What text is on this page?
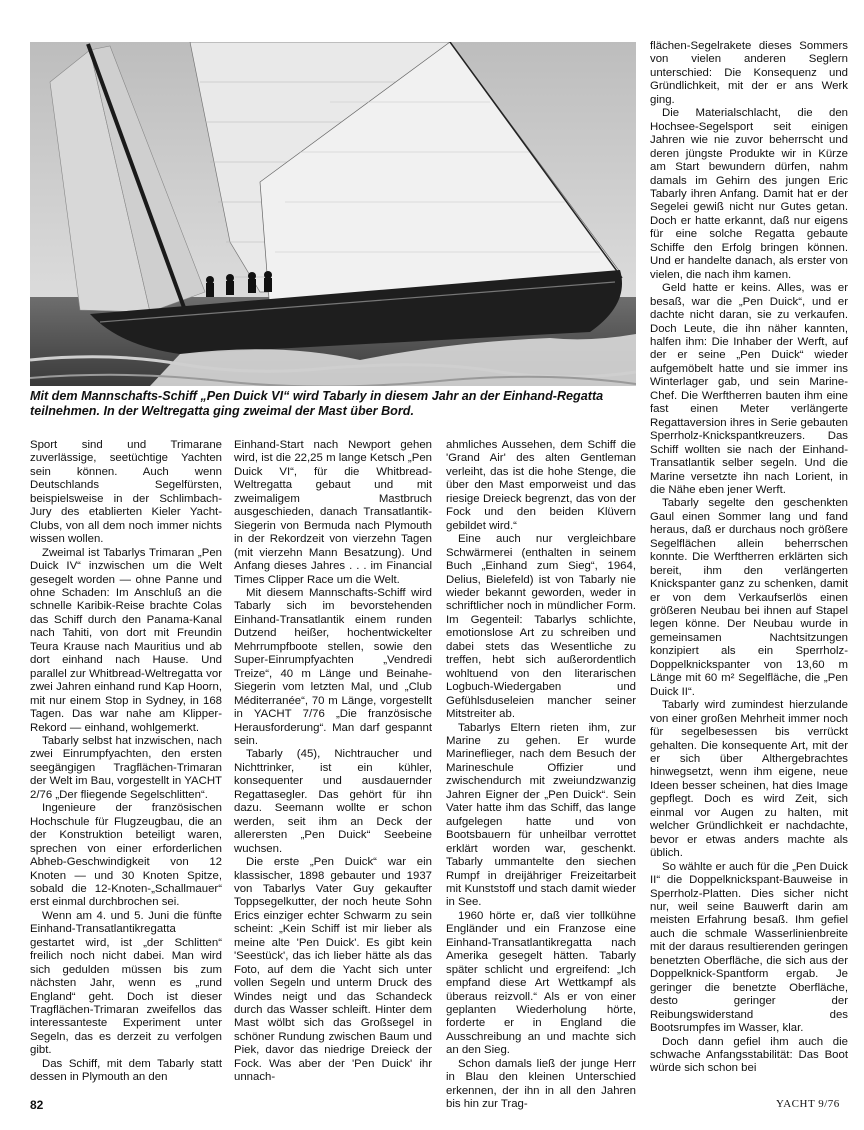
Mit dem Mannschafts-Schiff „Pen Duick VI“ wird Tabarly in diesem Jahr an der Einhand-Regatta teilnehmen. In der Weltregatta ging zweimal der Mast über Bord.

Sport sind und Trimarane zuverlässige, seetüchtige Yachten sein können. Auch wenn Deutschlands Segelfürsten, beispielsweise in der Schlimbach-Jury des etablierten Kieler Yacht-Clubs, von all dem noch immer nichts wissen wollen.

Zweimal ist Tabarlys Trimaran „Pen Duick IV“ inzwischen um die Welt gesegelt worden — ohne Panne und ohne Schaden: Im Anschluß an die schnelle Karibik-Reise brachte Colas das Schiff durch den Panama-Kanal nach Tahiti, von dort mit Freundin Teura Krause nach Mauritius und ab dort einhand nach Hause. Und parallel zur Whitbread-Weltregatta vor zwei Jahren einhand rund Kap Hoorn, mit nur einem Stop in Sydney, in 168 Tagen. Das war nahe am Klipper-Rekord — einhand, wohlgemerkt.

Tabarly selbst hat inzwischen, nach zwei Einrumpfyachten, den ersten seegängigen Tragflächen-Trimaran der Welt im Bau, vorgestellt in YACHT 2/76 „Der fliegende Segelschlitten“.

Ingenieure der französischen Hochschule für Flugzeugbau, die an der Konstruktion beteiligt waren, sprechen von einer erforderlichen Abheb-Geschwindigkeit von 12 Knoten — und 30 Knoten Spitze, sobald die 12-Knoten-„Schallmauer“ erst einmal durchbrochen sei.

Wenn am 4. und 5. Juni die fünfte Einhand-Transatlantikregatta gestartet wird, ist „der Schlitten“ freilich noch nicht dabei. Man wird sich gedulden müssen bis zum nächsten Jahr, wenn es „rund England“ geht. Doch ist dieser Tragflächen-Trimaran zweifellos das interessanteste Experiment unter Segeln, das es derzeit zu verfolgen gibt.

Das Schiff, mit dem Tabarly statt dessen in Plymouth an den

Einhand-Start nach Newport gehen wird, ist die 22,25 m lange Ketsch „Pen Duick VI“, für die Whitbread-Weltregatta gebaut und mit zweimaligem Mastbruch ausgeschieden, danach Transatlantik-Siegerin von Bermuda nach Plymouth in der Rekordzeit von vierzehn Tagen (mit vierzehn Mann Besatzung). Und Anfang dieses Jahres . . . im Financial Times Clipper Race um die Welt.

Mit diesem Mannschafts-Schiff wird Tabarly sich im bevorstehenden Einhand-Transatlantik einem runden Dutzend heißer, hochentwickelter Mehrrumpfboote stellen, sowie den Super-Einrumpfyachten „Vendredi Treize“, 40 m Länge und Beinahe-Siegerin vom letzten Mal, und „Club Méditerranée“, 70 m Länge, vorgestellt in YACHT 7/76 „Die französische Herausforderung“. Man darf gespannt sein.

Tabarly (45), Nichtraucher und Nichttrinker, ist ein kühler, konsequenter und ausdauernder Regattasegler. Das gehört für ihn dazu. Seemann wollte er schon werden, seit ihm an Deck der allerersten „Pen Duick“ Seebeine wuchsen.

Die erste „Pen Duick“ war ein klassischer, 1898 gebauter und 1937 von Tabarlys Vater Guy gekaufter Toppsegelkutter, der noch heute Sohn Erics einziger echter Schwarm zu sein scheint: „Kein Schiff ist mir lieber als meine alte 'Pen Duick'. Es gibt kein 'Seestück', das ich lieber hätte als das Foto, auf dem die Yacht sich unter vollen Segeln und unterm Druck des Windes neigt und das Schandeck durch das Wasser schleift. Hinter dem Mast wölbt sich das Großsegel in schöner Rundung zwischen Baum und Piek, davor das niedrige Dreieck der Fock. Was aber der 'Pen Duick' ihr unnach-

ahmliches Aussehen, dem Schiff die 'Grand Air' des alten Gentleman verleiht, das ist die hohe Stenge, die über den Mast emporweist und das riesige Dreieck begrenzt, das von der Fock und den beiden Klüvern gebildet wird.“

Eine auch nur vergleichbare Schwärmerei (enthalten in seinem Buch „Einhand zum Sieg“, 1964, Delius, Bielefeld) ist von Tabarly nie wieder bekannt geworden, weder in schriftlicher noch in mündlicher Form. Im Gegenteil: Tabarlys schlichte, emotionslose Art zu schreiben und dabei stets das Wesentliche zu treffen, hebt sich außerordentlich wohltuend von den literarischen Logbuch-Wiedergaben und Gefühlsduseleien mancher seiner Mitstreiter ab.

Tabarlys Eltern rieten ihm, zur Marine zu gehen. Er wurde Marineflieger, nach dem Besuch der Marineschule Offizier und zwischendurch mit zweiundzwanzig Jahren Eigner der „Pen Duick“. Sein Vater hatte ihm das Schiff, das lange aufgelegen hatte und von Bootsbauern für unheilbar verrottet erklärt worden war, geschenkt. Tabarly ummantelte den siechen Rumpf in dreijähriger Freizeitarbeit mit Kunststoff und stach damit wieder in See.

1960 hörte er, daß vier tollkühne Engländer und ein Franzose eine Einhand-Transatlantikregatta nach Amerika gesegelt hätten. Tabarly später schlicht und ergreifend: „Ich empfand diese Art Wettkampf als überaus reizvoll.“ Als er von einer geplanten Wiederholung hörte, forderte er in England die Ausschreibung an und machte sich an den Sieg.

Schon damals ließ der junge Herr in Blau den kleinen Unterschied erkennen, der ihn in all den Jahren bis hin zur Trag-

flächen-Segelrakete dieses Sommers von vielen anderen Seglern unterschied: Die Konsequenz und Gründlichkeit, mit der er ans Werk ging.

Die Materialschlacht, die den Hochsee-Segelsport seit einigen Jahren wie nie zuvor beherrscht und deren jüngste Produkte wir in Kürze am Start bewundern dürfen, nahm damals im Gehirn des jungen Eric Tabarly ihren Anfang. Damit hat er der Segelei gewiß nicht nur Gutes getan. Doch er hatte erkannt, daß nur eigens für eine solche Regatta gebaute Schiffe den Erfolg bringen können. Und er handelte danach, als erster von vielen, die nach ihm kamen.

Geld hatte er keins. Alles, was er besaß, war die „Pen Duick“, und er dachte nicht daran, sie zu verkaufen. Doch Leute, die ihn näher kannten, halfen ihm: Die Inhaber der Werft, auf der er seine „Pen Duick“ wieder aufgemöbelt hatte und sie immer ins Winterlager gab, und sein Marine-Chef. Die Werftherren bauten ihm eine fast einen Meter verlängerte Regattaversion ihres in Serie gebauten Sperrholz-Knickspantkreuzers. Das Schiff wollten sie nach der Einhand-Transatlantik selber segeln. Und die Marine versetzte ihn nach Lorient, in die Nähe eben jener Werft.

Tabarly segelte den geschenkten Gaul einen Sommer lang und fand heraus, daß er durchaus noch größere Segelflächen allein beherrschen konnte. Die Werftherren erklärten sich bereit, ihm den verlängerten Knickspanter ganz zu schenken, damit er von dem Verkaufserlös einen größeren Neubau bei ihnen auf Stapel legen könne. Der Neubau wurde in gemeinsamen Nachtsitzungen konzipiert als ein Sperrholz-Doppelknickspanter von 13,60 m Länge mit 60 m² Segelfläche, die „Pen Duick II“.

Tabarly wird zumindest hierzulande von einer großen Mehrheit immer noch für segelbesessen bis verrückt gehalten. Die konsequente Art, mit der er sich über Althergebrachtes hinwegsetzt, wenn ihm eigene, neue Ideen besser scheinen, hat dies Image gepflegt. Doch es wird Zeit, sich einmal vor Augen zu halten, mit welcher Gründlichkeit er nachdachte, bevor er etwas anders machte als üblich.

So wählte er auch für die „Pen Duick II“ die Doppelknickspant-Bauweise in Sperrholz-Platten. Dies sicher nicht nur, weil seine Bauwerft darin am meisten Erfahrung besaß. Ihm gefiel auch die schmale Wasserlinienbreite mit der daraus resultierenden geringen benetzten Oberfläche, die sich aus der Doppelknick-Spantform ergab. Je geringer die benetzte Oberfläche, desto geringer der Reibungswiderstand des Bootsrumpfes im Wasser, klar.

Doch dann gefiel ihm auch die schwache Anfangsstabilität: Das Boot würde sich schon bei

82	YACHT 9/76
